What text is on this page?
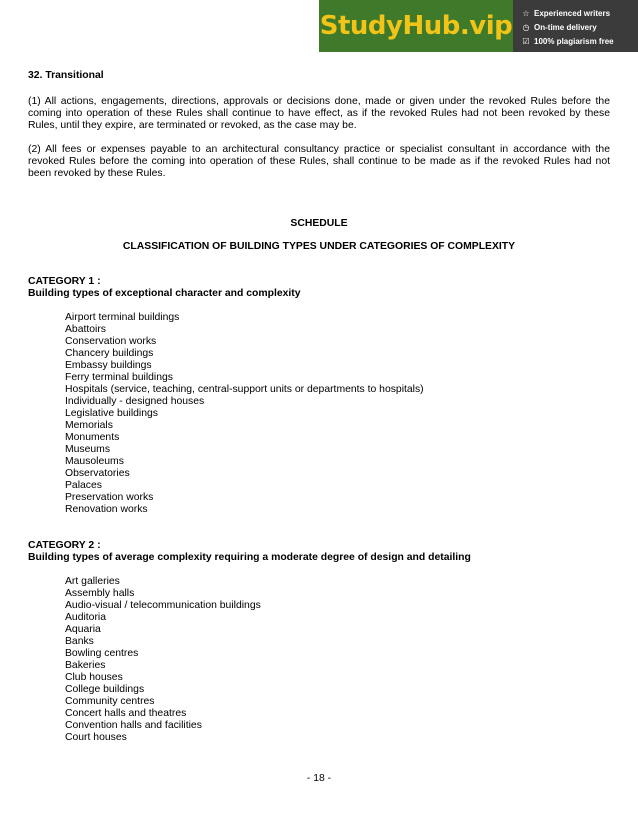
StudyHub.vip ☆ Experienced writers
◷ On-time delivery
☑ 100% plagiarism free
32. Transitional

(1) All actions, engagements, directions, approvals or decisions done, made or given under the revoked Rules before the coming into operation of these Rules shall continue to have effect, as if the revoked Rules had not been revoked by these Rules, until they expire, are terminated or revoked, as the case may be.

(2) All fees or expenses payable to an architectural consultancy practice or specialist consultant in accordance with the revoked Rules before the coming into operation of these Rules, shall continue to be made as if the revoked Rules had not been revoked by these Rules.

SCHEDULE
CLASSIFICATION OF BUILDING TYPES UNDER CATEGORIES OF COMPLEXITY
CATEGORY 1 :
Building types of exceptional character and complexity
Airport terminal buildings
Abattoirs
Conservation works
Chancery buildings
Embassy buildings
Ferry terminal buildings
Hospitals (service, teaching, central-support units or departments to hospitals)
Individually - designed houses
Legislative buildings
Memorials
Monuments
Museums
Mausoleums
Observatories
Palaces
Preservation works
Renovation works
CATEGORY 2 :
Building types of average complexity requiring a moderate degree of design and detailing
Art galleries
Assembly halls
Audio-visual / telecommunication buildings
Auditoria
Aquaria
Banks
Bowling centres
Bakeries
Club houses
College buildings
Community centres
Concert halls and theatres
Convention halls and facilities
Court houses
- 18 -
